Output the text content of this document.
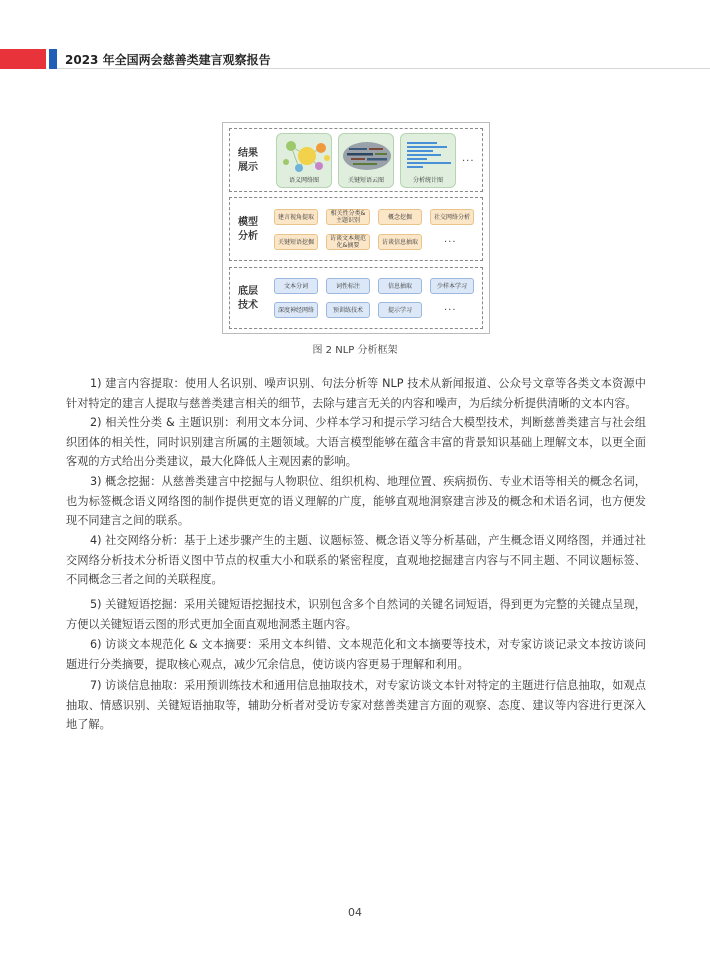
2023 年全国两会慈善类建言观察报告
结果展示
语义网络图	关键短语云图	分析统计图
...
模型分析
建言视角提取	相关性分类&主题识别	概念挖掘	社交网络分析
关键短语挖掘	访谈文本规范化&摘要	访谈信息抽取	...
底层技术
文本分词	词性标注	信息抽取	少样本学习
深度神经网络	预训练技术	提示学习	...
图 2 NLP 分析框架
1) 建言内容提取：使用人名识别、噪声识别、句法分析等 NLP 技术从新闻报道、公众号文章等各类文本资源中针对特定的建言人提取与慈善类建言相关的细节，去除与建言无关的内容和噪声，为后续分析提供清晰的文本内容。
2) 相关性分类 & 主题识别：利用文本分词、少样本学习和提示学习结合大模型技术，判断慈善类建言与社会组织团体的相关性，同时识别建言所属的主题领域。大语言模型能够在蕴含丰富的背景知识基础上理解文本，以更全面客观的方式给出分类建议，最大化降低人主观因素的影响。
3) 概念挖掘：从慈善类建言中挖掘与人物职位、组织机构、地理位置、疾病损伤、专业术语等相关的概念名词，也为标签概念语义网络图的制作提供更宽的语义理解的广度，能够直观地洞察建言涉及的概念和术语名词，也方便发现不同建言之间的联系。
4) 社交网络分析：基于上述步骤产生的主题、议题标签、概念语义等分析基础，产生概念语义网络图，并通过社交网络分析技术分析语义图中节点的权重大小和联系的紧密程度，直观地挖掘建言内容与不同主题、不同议题标签、不同概念三者之间的关联程度。
5) 关键短语挖掘：采用关键短语挖掘技术，识别包含多个自然词的关键名词短语，得到更为完整的关键点呈现，方便以关键短语云图的形式更加全面直观地洞悉主题内容。
6) 访谈文本规范化 & 文本摘要：采用文本纠错、文本规范化和文本摘要等技术，对专家访谈记录文本按访谈问题进行分类摘要，提取核心观点，减少冗余信息，使访谈内容更易于理解和利用。
7) 访谈信息抽取：采用预训练技术和通用信息抽取技术，对专家访谈文本针对特定的主题进行信息抽取，如观点抽取、情感识别、关键短语抽取等，辅助分析者对受访专家对慈善类建言方面的观察、态度、建议等内容进行更深入地了解。
04
